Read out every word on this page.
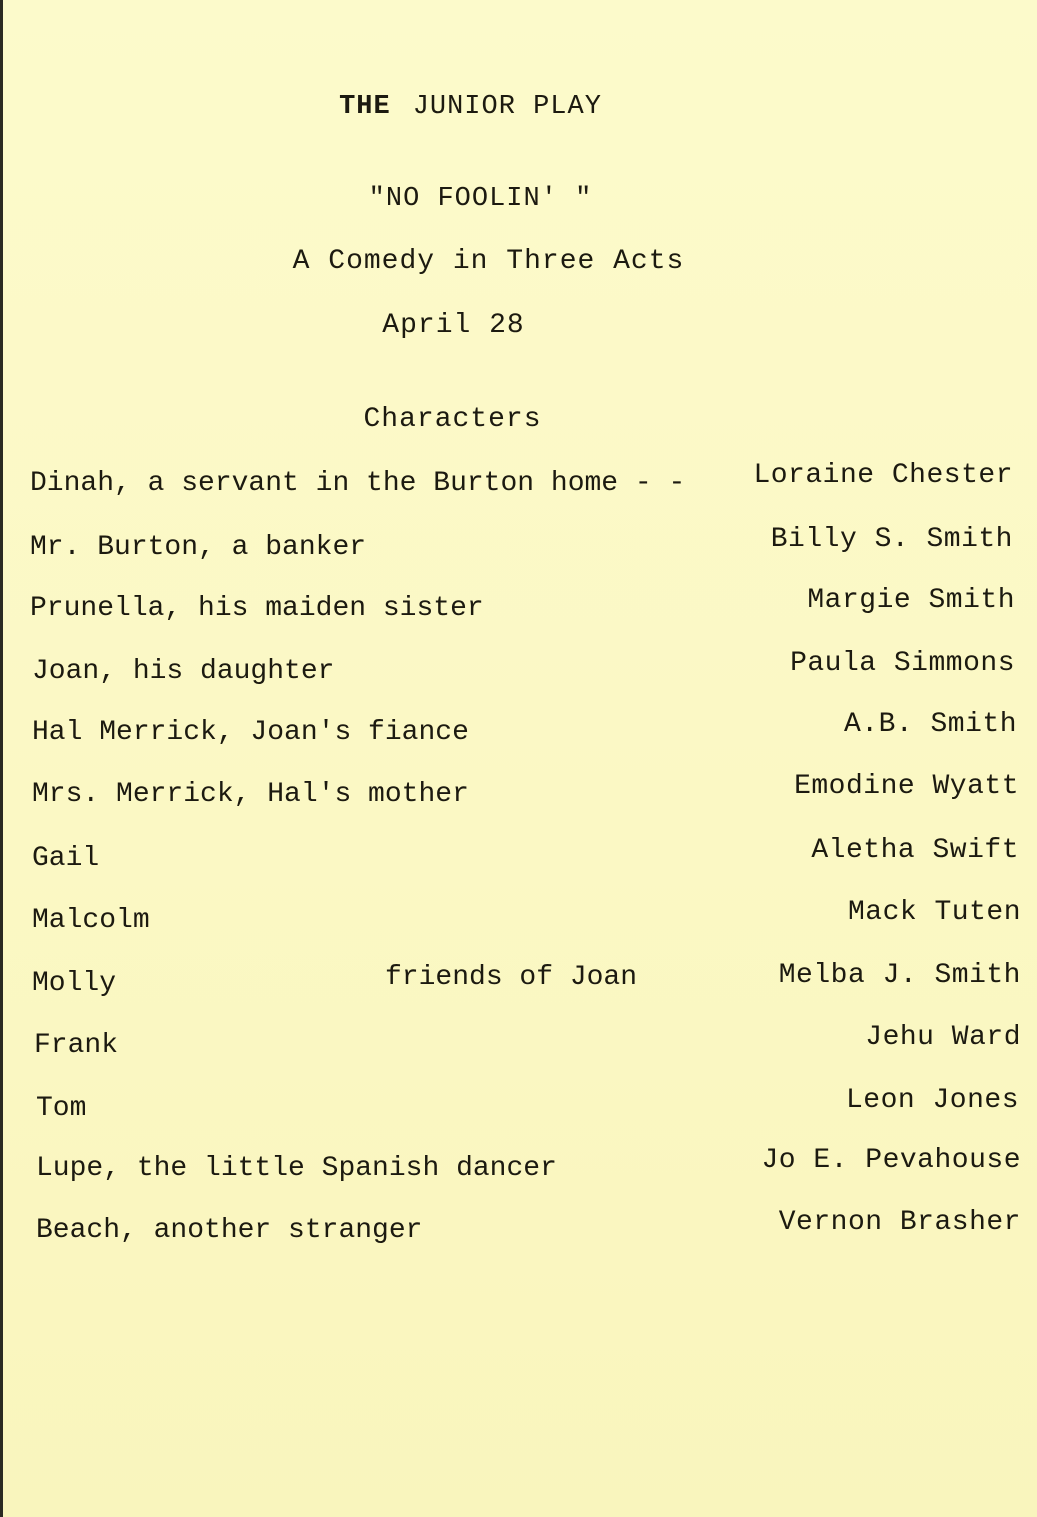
THE JUNIOR PLAY
"NO FOOLIN' "
A Comedy in Three Acts
April 28
Characters
Dinah, a servant in the Burton home - - Loraine Chester
Mr. Burton, a banker	Billy S. Smith
Prunella, his maiden sister	Margie Smith
Joan, his daughter	Paula Simmons
Hal Merrick, Joan's fiance	A.B. Smith
Mrs. Merrick, Hal's mother	Emodine Wyatt
Gail	Aletha Swift
Malcolm	Mack Tuten
Molly	friends of Joan	Melba J. Smith
Frank	Jehu Ward
Tom	Leon Jones
Lupe, the little Spanish dancer	Jo E. Pevahouse
Beach, another stranger	Vernon Brasher
